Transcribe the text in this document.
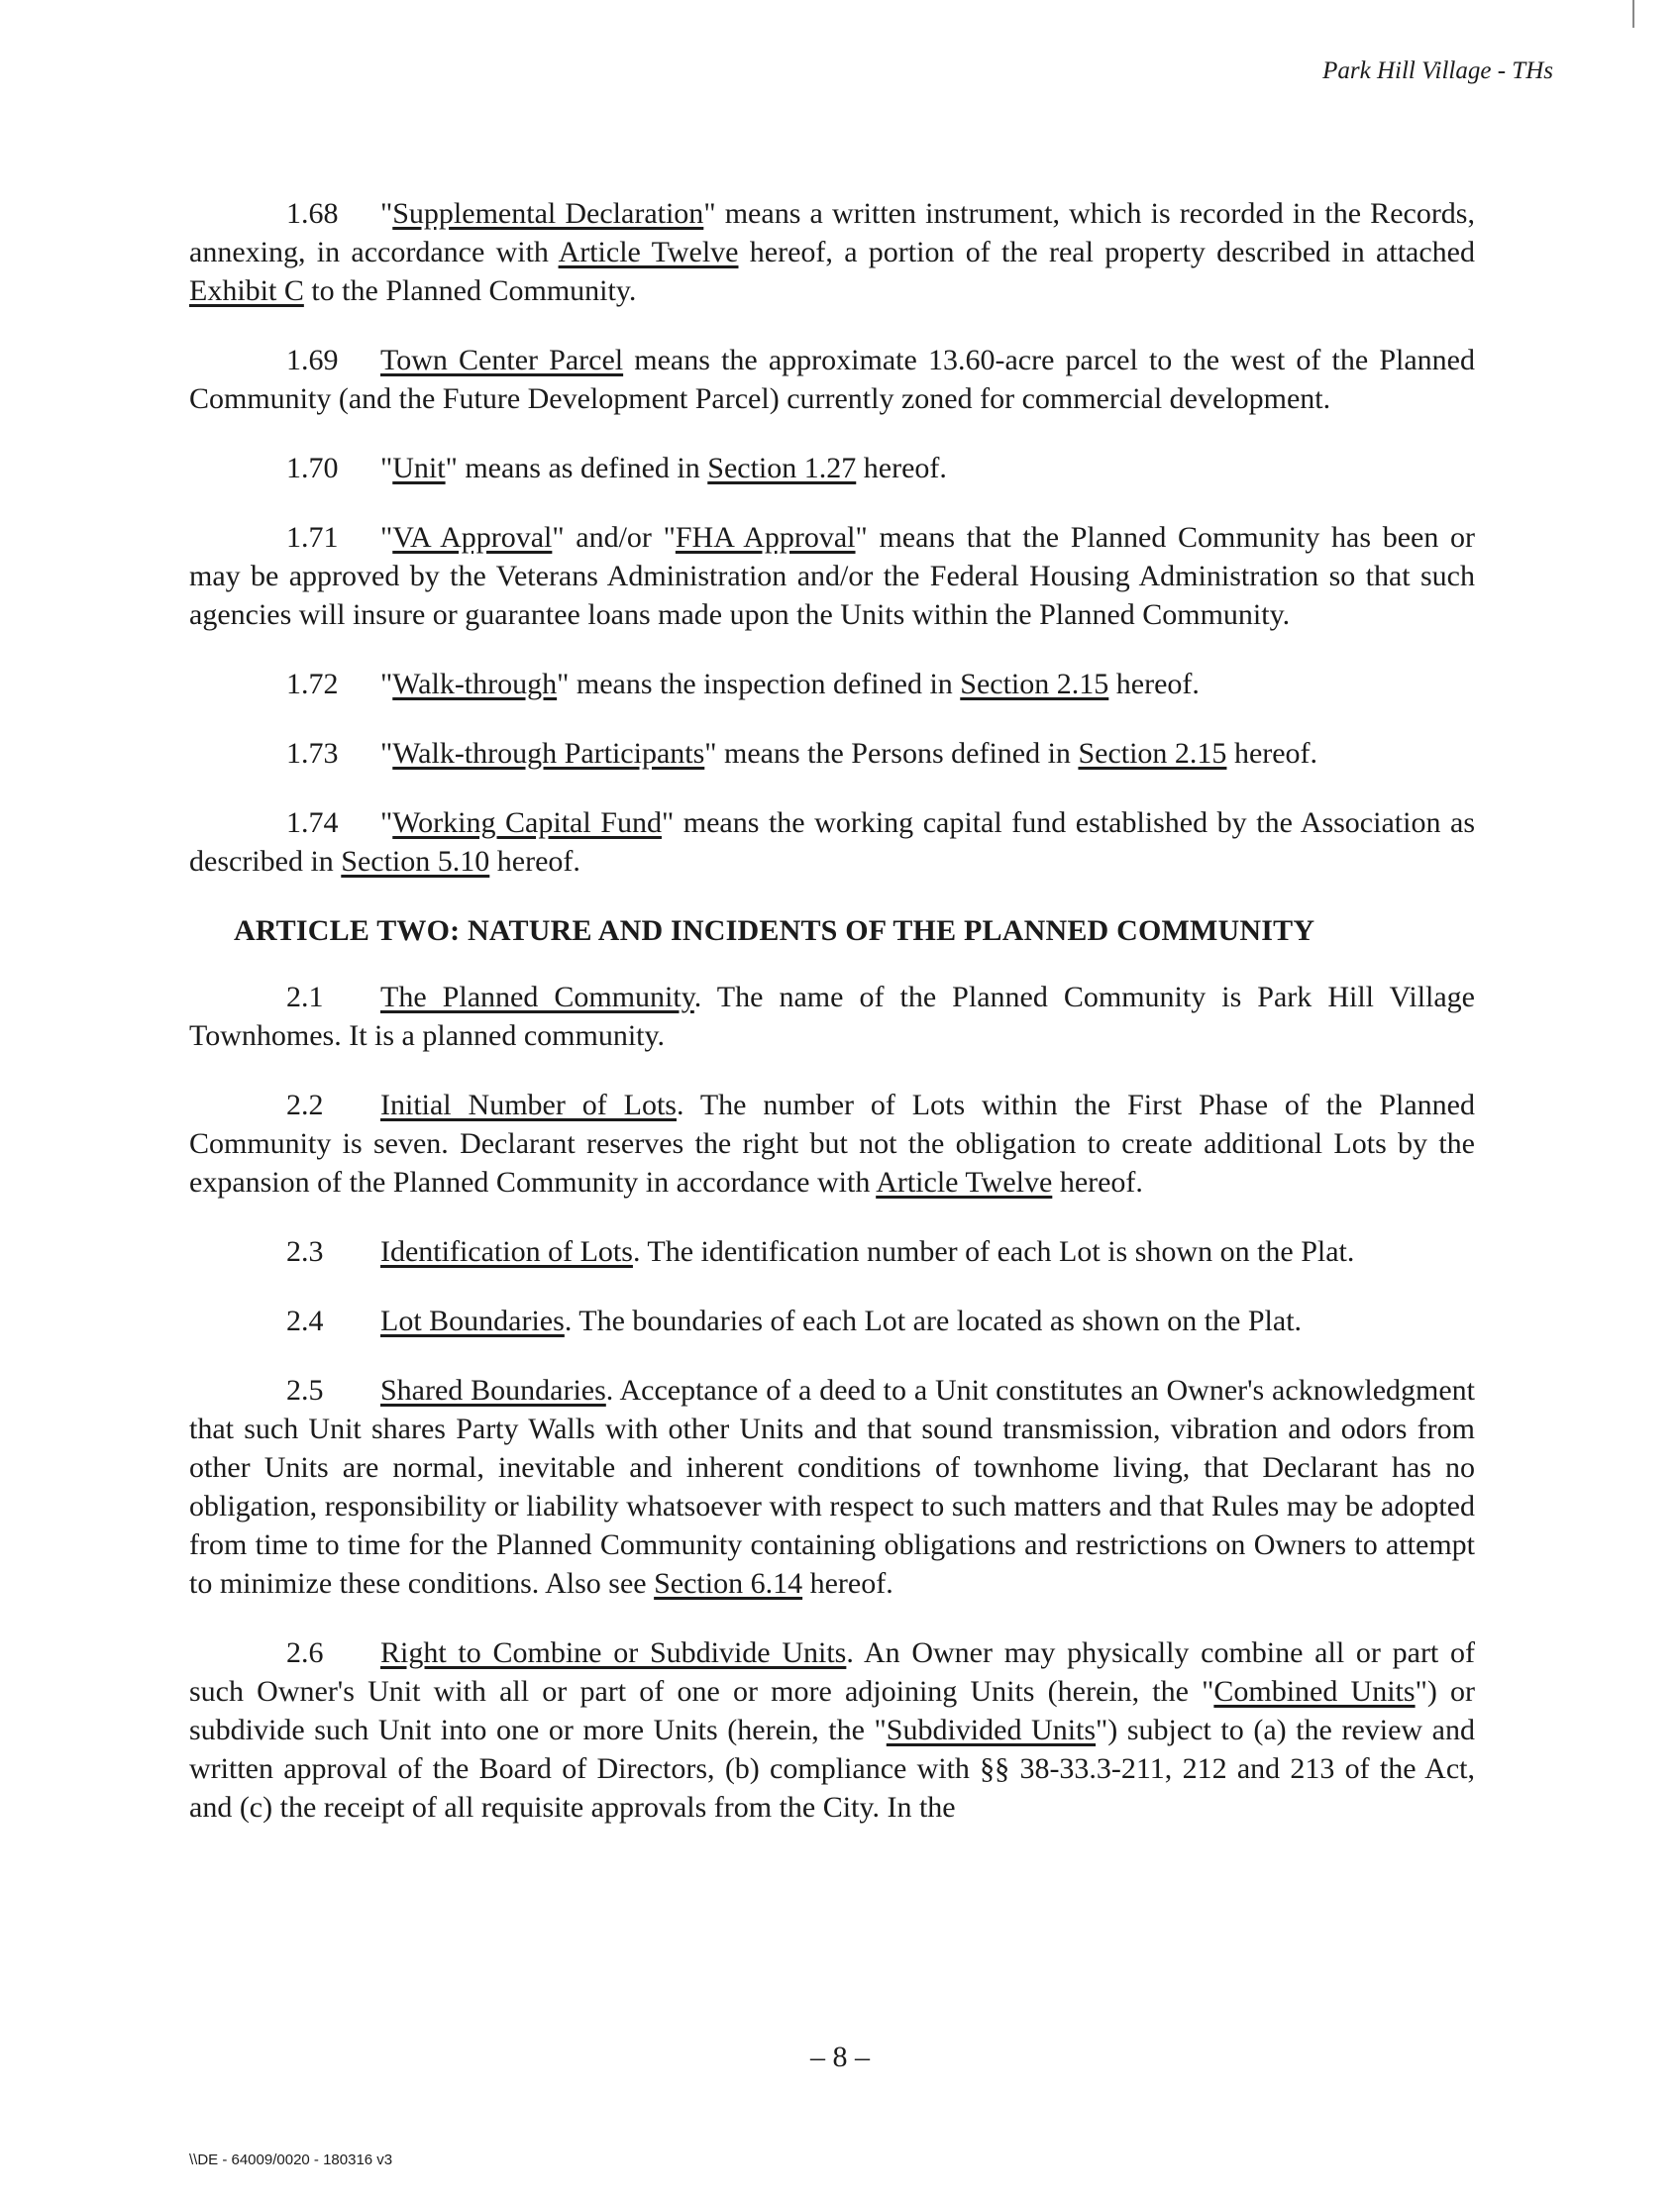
Park Hill Village - THs

1.68 "Supplemental Declaration" means a written instrument, which is recorded in the Records, annexing, in accordance with Article Twelve hereof, a portion of the real property described in attached Exhibit C to the Planned Community.

1.69 Town Center Parcel means the approximate 13.60-acre parcel to the west of the Planned Community (and the Future Development Parcel) currently zoned for commercial development.

1.70 "Unit" means as defined in Section 1.27 hereof.

1.71 "VA Approval" and/or "FHA Approval" means that the Planned Community has been or may be approved by the Veterans Administration and/or the Federal Housing Administration so that such agencies will insure or guarantee loans made upon the Units within the Planned Community.

1.72 "Walk-through" means the inspection defined in Section 2.15 hereof.

1.73 "Walk-through Participants" means the Persons defined in Section 2.15 hereof.

1.74 "Working Capital Fund" means the working capital fund established by the Association as described in Section 5.10 hereof.

ARTICLE TWO: NATURE AND INCIDENTS OF THE PLANNED COMMUNITY

2.1 The Planned Community. The name of the Planned Community is Park Hill Village Townhomes. It is a planned community.

2.2 Initial Number of Lots. The number of Lots within the First Phase of the Planned Community is seven. Declarant reserves the right but not the obligation to create additional Lots by the expansion of the Planned Community in accordance with Article Twelve hereof.

2.3 Identification of Lots. The identification number of each Lot is shown on the Plat.

2.4 Lot Boundaries. The boundaries of each Lot are located as shown on the Plat.

2.5 Shared Boundaries. Acceptance of a deed to a Unit constitutes an Owner's acknowledgment that such Unit shares Party Walls with other Units and that sound transmission, vibration and odors from other Units are normal, inevitable and inherent conditions of townhome living, that Declarant has no obligation, responsibility or liability whatsoever with respect to such matters and that Rules may be adopted from time to time for the Planned Community containing obligations and restrictions on Owners to attempt to minimize these conditions. Also see Section 6.14 hereof.

2.6 Right to Combine or Subdivide Units. An Owner may physically combine all or part of such Owner's Unit with all or part of one or more adjoining Units (herein, the "Combined Units") or subdivide such Unit into one or more Units (herein, the "Subdivided Units") subject to (a) the review and written approval of the Board of Directors, (b) compliance with §§ 38-33.3-211, 212 and 213 of the Act, and (c) the receipt of all requisite approvals from the City. In the

– 8 –
\\DE - 64009/0020 - 180316 v3
